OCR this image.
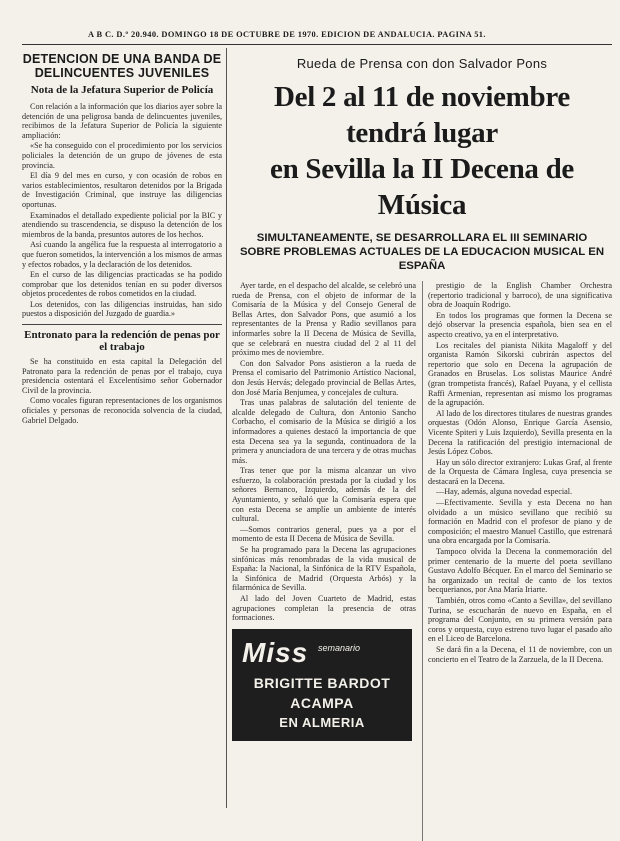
A B C. D.º 20.940. DOMINGO 18 DE OCTUBRE DE 1970. EDICION DE ANDALUCIA. PAGINA 51.
DETENCION DE UNA BANDA DE DELINCUENTES JUVENILES
Nota de la Jefatura Superior de Policía

Con relación a la información que los diarios ayer sobre la detención de una peligrosa banda de delincuentes juveniles, recibimos de la Jefatura Superior de Policía la siguiente ampliación:

«Se ha conseguido con el procedimiento por los servicios policiales la detención de un grupo de jóvenes de esta provincia.

El día 9 del mes en curso, y con ocasión de robos en varios establecimientos, resultaron detenidos por la Brigada de Investigación Criminal, que instruye las diligencias oportunas.

Examinados el detallado expediente policial por la BIC y atendiendo su trascendencia, se dispuso la detención de los miembros de la banda, presuntos autores de los hechos.

Así cuando la angélica fue la respuesta al interrogatorio a que fueron sometidos, la intervención a los mismos de armas y efectos robados, y la declaración de los detenidos.

En el curso de las diligencias practicadas se ha podido comprobar que los detenidos tenían en su poder diversos objetos procedentes de robos cometidos en la ciudad.

Los detenidos, con las diligencias instruidas, han sido puestos a disposición del Juzgado de guardia.»

Entronato para la redención de penas por el trabajo

Se ha constituido en esta capital la Delegación del Patronato para la redención de penas por el trabajo, cuya presidencia ostentará el Excelentísimo señor Gobernador Civil de la provincia.

Como vocales figuran representaciones de los organismos oficiales y personas de reconocida solvencia de la ciudad, Gabriel Delgado.

Rueda de Prensa con don Salvador Pons
Del 2 al 11 de noviembre tendrá lugar
en Sevilla la II Decena de Música
SIMULTANEAMENTE, SE DESARROLLARA EL III SEMINARIO SOBRE PROBLEMAS ACTUALES DE LA EDUCACION MUSICAL EN ESPAÑA

Ayer tarde, en el despacho del alcalde, se celebró una rueda de Prensa, con el objeto de informar de la Comisaría de la Música y del Consejo General de Bellas Artes, don Salvador Pons, que asumió a los representantes de la Prensa y Radio sevillanos para informarles sobre la II Decena de Música de Sevilla, que se celebrará en nuestra ciudad del 2 al 11 del próximo mes de noviembre.

Con don Salvador Pons asistieron a la rueda de Prensa el comisario del Patrimonio Artístico Nacional, don Jesús Hervás; delegado provincial de Bellas Artes, don José María Benjumea, y concejales de cultura.

Tras unas palabras de salutación del teniente de alcalde delegado de Cultura, don Antonio Sancho Corbacho, el comisario de la Música se dirigió a los informadores a quienes destacó la importancia de que esta Decena sea ya la segunda, continuadora de la primera y anunciadora de una tercera y de otras muchas más.

Tras tener que por la misma alcanzar un vivo esfuerzo, la colaboración prestada por la ciudad y los señores Bernanco, Izquierdo, además de la del Ayuntamiento, y señaló que la Comisaría espera que con esta Decena se amplíe un ambiente de interés cultural.

—Somos contrarios general, pues ya a por el momento de esta II Decena de Música de Sevilla.

Se ha programado para la Decena las agrupaciones sinfónicas más renombradas de la vida musical de España: la Nacional, la Sinfónica de la RTV Española, la Sinfónica de Madrid (Orquesta Arbós) y la filarmónica de Sevilla.

Al lado del Joven Cuarteto de Madrid, estas agrupaciones completan la presencia de otras formaciones.

Miss semanario
BRIGITTE BARDOT
ACAMPA
EN ALMERIA

prestigio de la English Chamber Orchestra (repertorio tradicional y barroco), de una significativa obra de Joaquín Rodrigo.

En todos los programas que formen la Decena se dejó observar la presencia española, bien sea en el aspecto creativo, ya en el interpretativo.

Los recitales del pianista Nikita Magaloff y del organista Ramón Sikorski cubrirán aspectos del repertorio que solo en Decena la agrupación de Granados en Bruselas. Los solistas Maurice André (gran trompetista francés), Rafael Puyana, y el cellista Raffi Armenian, representan así mismo los programas de la agrupación.

Al lado de los directores titulares de nuestras grandes orquestas (Odón Alonso, Enrique García Asensio, Vicente Spiteri y Luis Izquierdo), Sevilla presenta en la Decena la ratificación del prestigio internacional de Jesús López Cobos.

Hay un sólo director extranjero: Lukas Graf, al frente de la Orquesta de Cámara Inglesa, cuya presencia se destacará en la Decena.

—Hay, además, alguna novedad especial.

—Efectivamente. Sevilla y esta Decena no han olvidado a un músico sevillano que recibió su formación en Madrid con el profesor de piano y de composición; el maestro Manuel Castillo, que estrenará una obra encargada por la Comisaría.

Tampoco olvida la Decena la conmemoración del primer centenario de la muerte del poeta sevillano Gustavo Adolfo Bécquer. En el marco del Seminario se ha organizado un recital de canto de los textos becquerianos, por Ana María Iriarte.

También, otros como «Canto a Sevilla», del sevillano Turina, se escucharán de nuevo en España, en el programa del Conjunto, en su primera versión para coros y orquesta, cuyo estreno tuvo lugar el pasado año en el Liceo de Barcelona.

Se dará fin a la Decena, el 11 de noviembre, con un concierto en el Teatro de la Zarzuela, de la II Decena.
